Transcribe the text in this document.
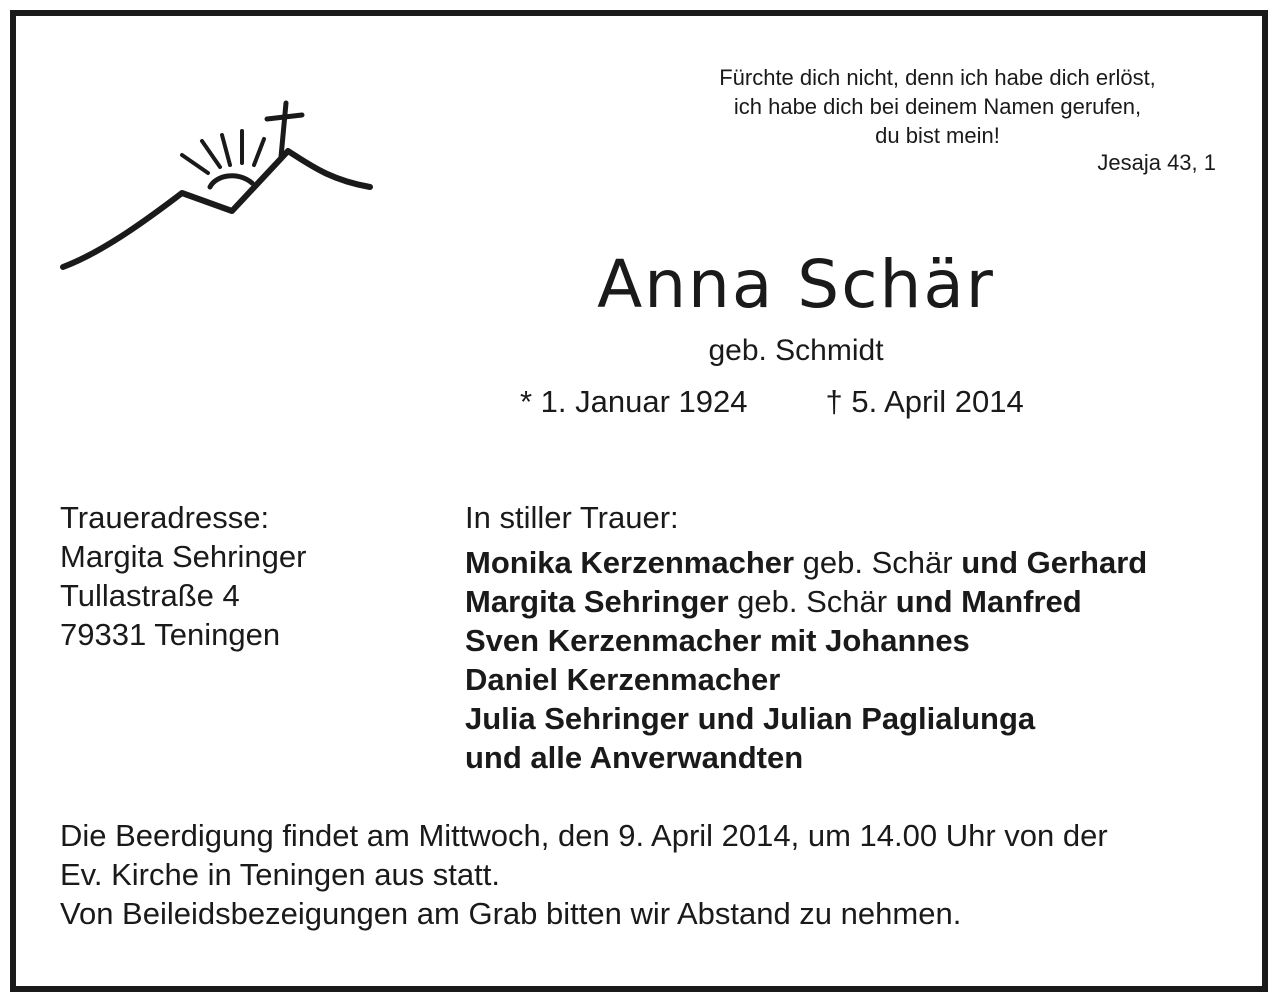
Fürchte dich nicht, denn ich habe dich erlöst,
ich habe dich bei deinem Namen gerufen,
du bist mein!
Jesaja 43, 1
Anna Schär
geb. Schmidt
* 1. Januar 1924	† 5. April 2014
Traueradresse:
Margita Sehringer
Tullastraße 4
79331 Teningen
In stiller Trauer:
Monika Kerzenmacher geb. Schär und Gerhard
Margita Sehringer geb. Schär und Manfred
Sven Kerzenmacher mit Johannes
Daniel Kerzenmacher
Julia Sehringer und Julian Paglialunga
und alle Anverwandten
Die Beerdigung findet am Mittwoch, den 9. April 2014, um 14.00 Uhr von der
Ev. Kirche in Teningen aus statt.
Von Beileidsbezeigungen am Grab bitten wir Abstand zu nehmen.
